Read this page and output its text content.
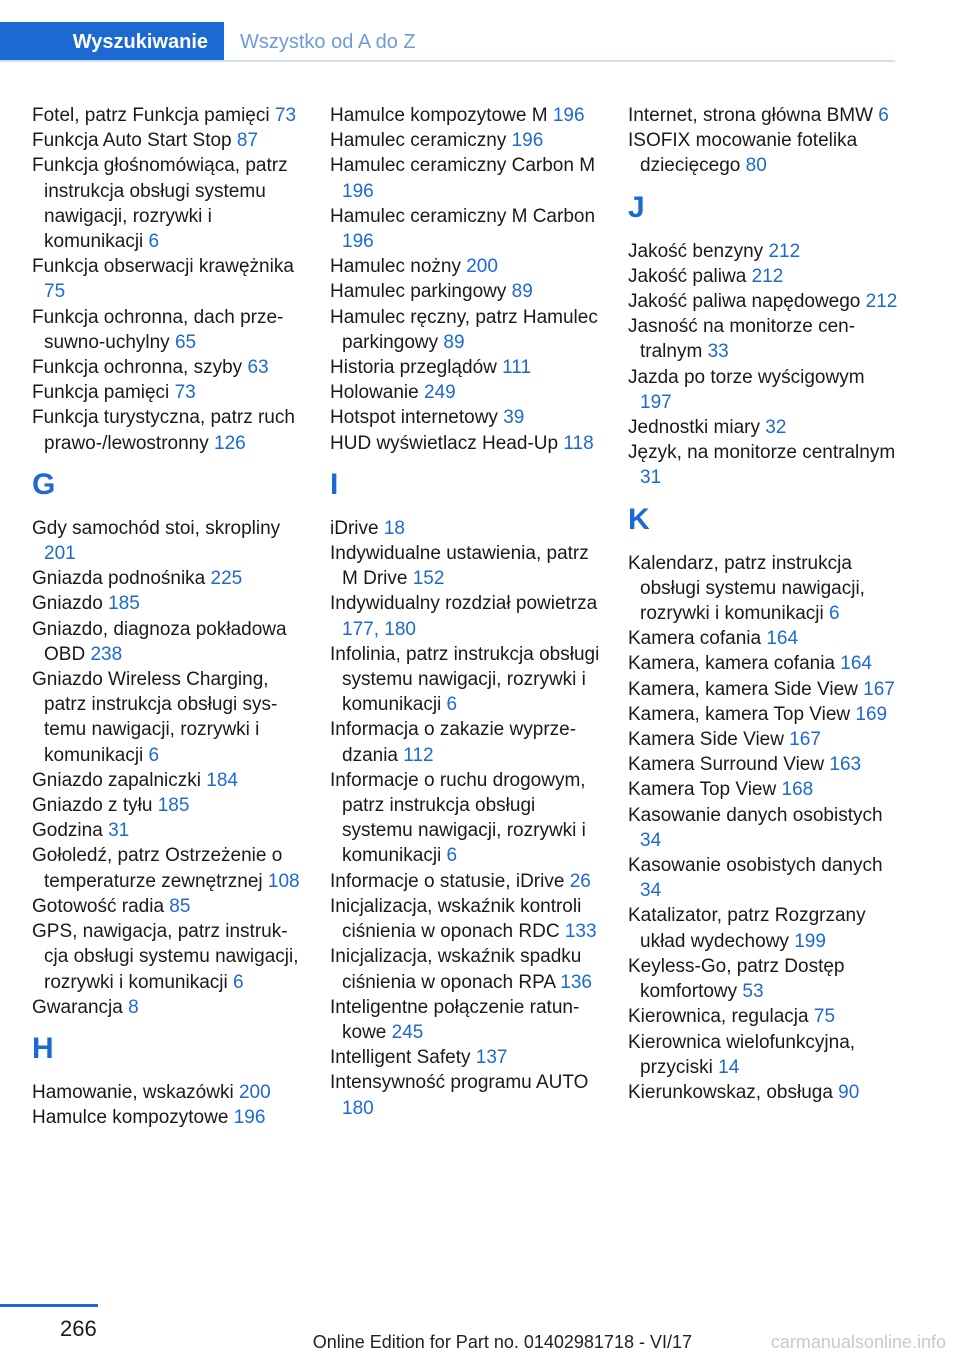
Wyszukiwanie	Wszystko od A do Z
Fotel, patrz Funkcja pamięci 73
Funkcja Auto Start Stop 87
Funkcja głośnomówiąca, patrz instrukcja obsługi systemu nawigacji, rozrywki i komunikacji 6
Funkcja obserwacji krawężnika 75
Funkcja ochronna, dach przesuwno-uchylny 65
Funkcja ochronna, szyby 63
Funkcja pamięci 73
Funkcja turystyczna, patrz ruch prawo-/lewostronny 126
G
Gdy samochód stoi, skropliny 201
Gniazda podnośnika 225
Gniazdo 185
Gniazdo, diagnoza pokładowa OBD 238
Gniazdo Wireless Charging, patrz instrukcja obsługi systemu nawigacji, rozrywki i komunikacji 6
Gniazdo zapalniczki 184
Gniazdo z tyłu 185
Godzina 31
Gołoledź, patrz Ostrzeżenie o temperaturze zewnętrznej 108
Gotowość radia 85
GPS, nawigacja, patrz instrukcja obsługi systemu nawigacji, rozrywki i komunikacji 6
Gwarancja 8
H
Hamowanie, wskazówki 200
Hamulce kompozytowe 196
Hamulce kompozytowe M 196
Hamulec ceramiczny 196
Hamulec ceramiczny Carbon M 196
Hamulec ceramiczny M Carbon 196
Hamulec nożny 200
Hamulec parkingowy 89
Hamulec ręczny, patrz Hamulec parkingowy 89
Historia przeglądów 111
Holowanie 249
Hotspot internetowy 39
HUD wyświetlacz Head-Up 118
I
iDrive 18
Indywidualne ustawienia, patrz M Drive 152
Indywidualny rozdział powietrza 177, 180
Infolinia, patrz instrukcja obsługi systemu nawigacji, rozrywki i komunikacji 6
Informacja o zakazie wyprzedzania 112
Informacje o ruchu drogowym, patrz instrukcja obsługi systemu nawigacji, rozrywki i komunikacji 6
Informacje o statusie, iDrive 26
Inicjalizacja, wskaźnik kontroli ciśnienia w oponach RDC 133
Inicjalizacja, wskaźnik spadku ciśnienia w oponach RPA 136
Inteligentne połączenie ratunkowe 245
Intelligent Safety 137
Intensywność programu AUTO 180
Internet, strona główna BMW 6
ISOFIX mocowanie fotelika dziecięcego 80
J
Jakość benzyny 212
Jakość paliwa 212
Jakość paliwa napędowego 212
Jasność na monitorze centralnym 33
Jazda po torze wyścigowym 197
Jednostki miary 32
Język, na monitorze centralnym 31
K
Kalendarz, patrz instrukcja obsługi systemu nawigacji, rozrywki i komunikacji 6
Kamera cofania 164
Kamera, kamera cofania 164
Kamera, kamera Side View 167
Kamera, kamera Top View 169
Kamera Side View 167
Kamera Surround View 163
Kamera Top View 168
Kasowanie danych osobistych 34
Kasowanie osobistych danych 34
Katalizator, patrz Rozgrzany układ wydechowy 199
Keyless-Go, patrz Dostęp komfortowy 53
Kierownica, regulacja 75
Kierownica wielofunkcyjna, przyciski 14
Kierunkowskaz, obsługa 90
266
Online Edition for Part no. 01402981718 - VI/17	carmanualsonline.info
